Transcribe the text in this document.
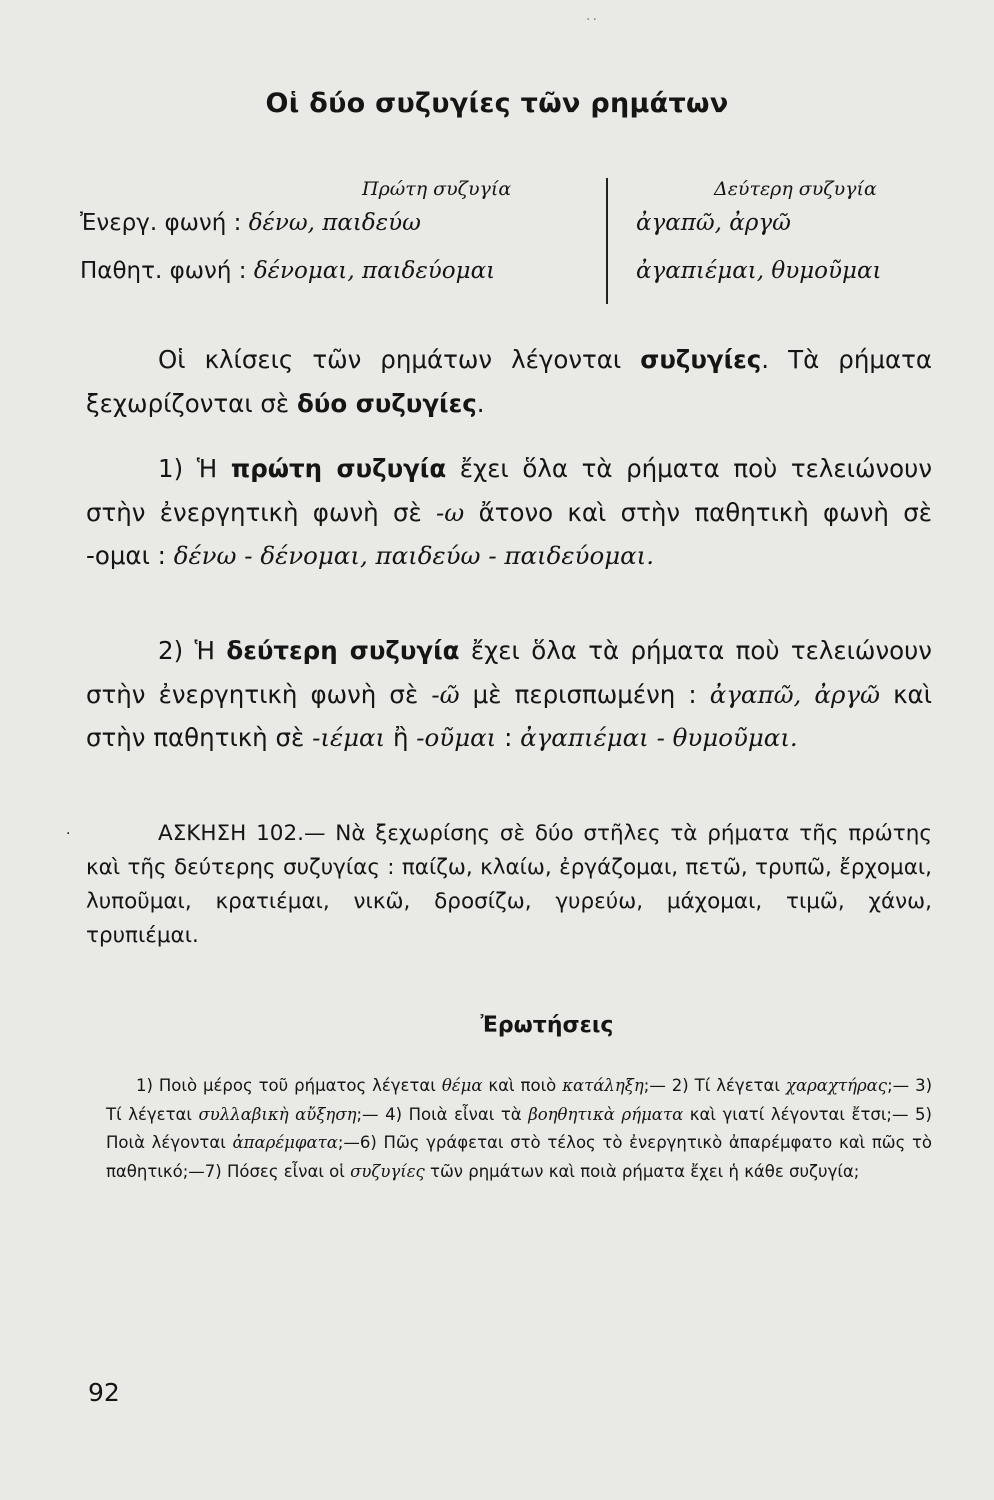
..
Οἱ δύο συζυγίες τῶν ρημάτων
Πρώτη συζυγία	Δεύτερη συζυγία
Ἐνεργ. φωνή : δένω, παιδεύω	ἀγαπῶ, ἀργῶ
Παθητ. φωνή : δένομαι, παιδεύομαι	ἀγαπιέμαι, θυμοῦμαι
Οἱ κλίσεις τῶν ρημάτων λέγονται συζυγίες. Τὰ ρήματα ξεχωρίζονται σὲ δύο συζυγίες.
1) Ἡ πρώτη συζυγία ἔχει ὅλα τὰ ρήματα ποὺ τελειώνουν στὴν ἐνεργητικὴ φωνὴ σὲ -ω ἄτονο καὶ στὴν παθητικὴ φωνὴ σὲ -ομαι : δένω - δένομαι, παιδεύω - παιδεύομαι.
2) Ἡ δεύτερη συζυγία ἔχει ὅλα τὰ ρήματα ποὺ τελειώνουν στὴν ἐνεργητικὴ φωνὴ σὲ -ῶ μὲ περισπωμένη : ἀγαπῶ, ἀργῶ καὶ στὴν παθητικὴ σὲ -ιέμαι ἢ -οῦμαι : ἀγαπιέμαι - θυμοῦμαι.
·	ΑΣΚΗΣΗ 102.— Νὰ ξεχωρίσης σὲ δύο στῆλες τὰ ρήματα τῆς πρώτης καὶ τῆς δεύτερης συζυγίας : παίζω, κλαίω, ἐργάζομαι, πετῶ, τρυπῶ, ἔρχομαι, λυποῦμαι, κρατιέμαι, νικῶ, δροσίζω, γυρεύω, μάχομαι, τιμῶ, χάνω, τρυπιέμαι.
Ἐρωτήσεις
1) Ποιὸ μέρος τοῦ ρήματος λέγεται θέμα καὶ ποιὸ κατάληξη;— 2) Τί λέγεται χαραχτήρας;— 3) Τί λέγεται συλλαβικὴ αὔξηση;— 4) Ποιὰ εἶναι τὰ βοηθητικὰ ρήματα καὶ γιατί λέγονται ἔτσι;— 5) Ποιὰ λέγονται ἀπαρέμφατα;—6) Πῶς γράφεται στὸ τέλος τὸ ἐνεργητικὸ ἀπαρέμφατο καὶ πῶς τὸ παθητικό;—7) Πόσες εἶναι οἱ συζυγίες τῶν ρημάτων καὶ ποιὰ ρήματα ἔχει ἡ κάθε συζυγία;
92
